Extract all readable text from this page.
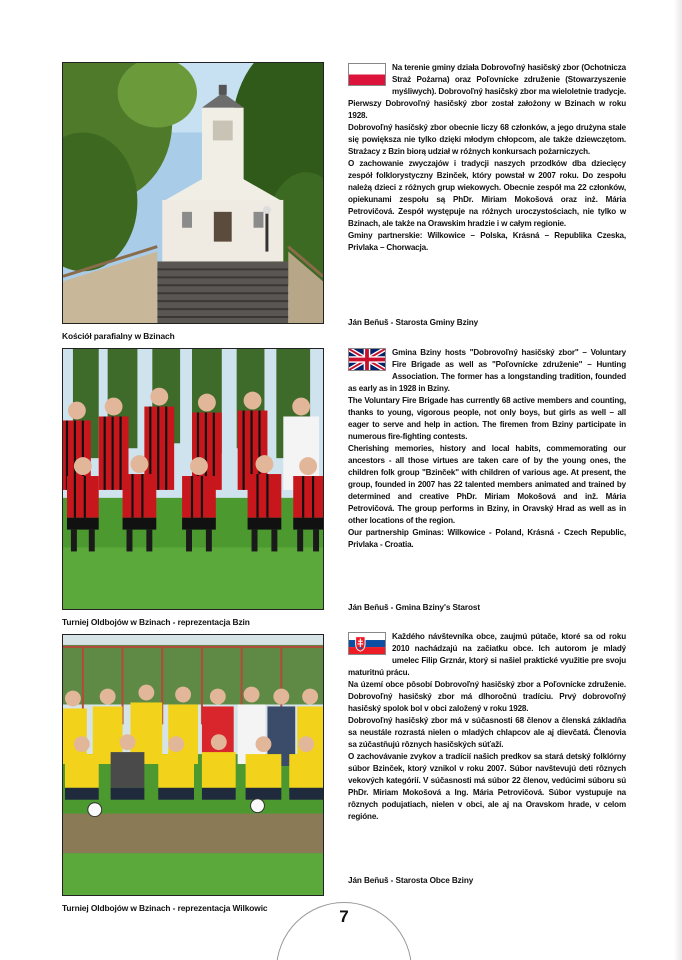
Kościół parafialny w Bzinach
Turniej Oldbojów w Bzinach - reprezentacja Bzin
Turniej Oldbojów w Bzinach - reprezentacja Wilkowic

Na terenie gminy działa Dobrovoľný hasičský zbor (Ochotnicza Straż Pożarna) oraz Poľovnícke združenie (Stowarzyszenie myśliwych). Dobrovoľný hasičský zbor ma wieloletnie tradycje. Pierwszy Dobrovoľný hasičský zbor został założony w Bzinach w roku 1928.

Dobrovoľný hasičský zbor obecnie liczy 68 członków, a jego drużyna stale się powiększa nie tylko dzięki młodym chłopcom, ale także dziewczętom. Strażacy z Bzin biorą udział w różnych konkursach pożarniczych.

O zachowanie zwyczajów i tradycji naszych przodków dba dziecięcy zespół folklorystyczny Bzinček, który powstał w 2007 roku. Do zespołu należą dzieci z różnych grup wiekowych. Obecnie zespół ma 22 członków, opiekunami zespołu są PhDr. Miriam Mokošová oraz inż. Mária Petrovičová. Zespół występuje na różnych uroczystościach, nie tylko w Bzinach, ale także na Orawskim hradzie i w całym regionie.

Gminy partnerskie: Wilkowice – Polska, Krásná – Republika Czeska, Privlaka – Chorwacja.

Ján Beňuš - Starosta Gminy Bziny

Gmina Bziny hosts "Dobrovoľný hasičský zbor" – Voluntary Fire Brigade as well as "Poľovnícke združenie" – Hunting Association. The former has a longstanding tradition, founded as early as in 1928 in Bziny.

The Voluntary Fire Brigade has currently 68 active members and counting, thanks to young, vigorous people, not only boys, but girls as well – all eager to serve and help in action. The firemen from Bziny participate in numerous fire-fighting contests.

Cherishing memories, history and local habits, commemorating our ancestors - all those virtues are taken care of by the young ones, the children folk group "Bzinček" with children of various age. At present, the group, founded in 2007 has 22 talented members animated and trained by determined and creative PhDr. Miriam Mokošová and inž. Mária Petrovičová. The group performs in Bziny, in Oravský Hrad as well as in other locations of the region.

Our partnership Gminas: Wilkowice - Poland, Krásná - Czech Republic, Privlaka - Croatia.

Ján Beňuš - Gmina Bziny's Starost

Každého návštevníka obce, zaujmú pútače, ktoré sa od roku 2010 nachádzajú na začiatku obce. Ich autorom je mladý umelec Filip Grznár, ktorý si našiel praktické využitie pre svoju maturitnú prácu.

Na území obce pôsobí Dobrovoľný hasičský zbor a Poľovnícke združenie. Dobrovoľný hasičský zbor má dlhoročnú tradíciu. Prvý dobrovoľný hasičský spolok bol v obci založený v roku 1928.

Dobrovoľný hasičský zbor má v súčasnosti 68 členov a členská základňa sa neustále rozrastá nielen o mladých chlapcov ale aj dievčatá. Členovia sa zúčastňujú rôznych hasičských súťaží.

O zachovávanie zvykov a tradícií našich predkov sa stará detský folklórny súbor Bzinček, ktorý vznikol v roku 2007. Súbor navštevujú deti rôznych vekových kategórií. V súčasnosti má súbor 22 členov, vedúcimi súboru sú PhDr. Miriam Mokošová a Ing. Mária Petrovičová. Súbor vystupuje na rôznych podujatiach, nielen v obci, ale aj na Oravskom hrade, v celom regióne.

Ján Beňuš - Starosta Obce Bziny
7
